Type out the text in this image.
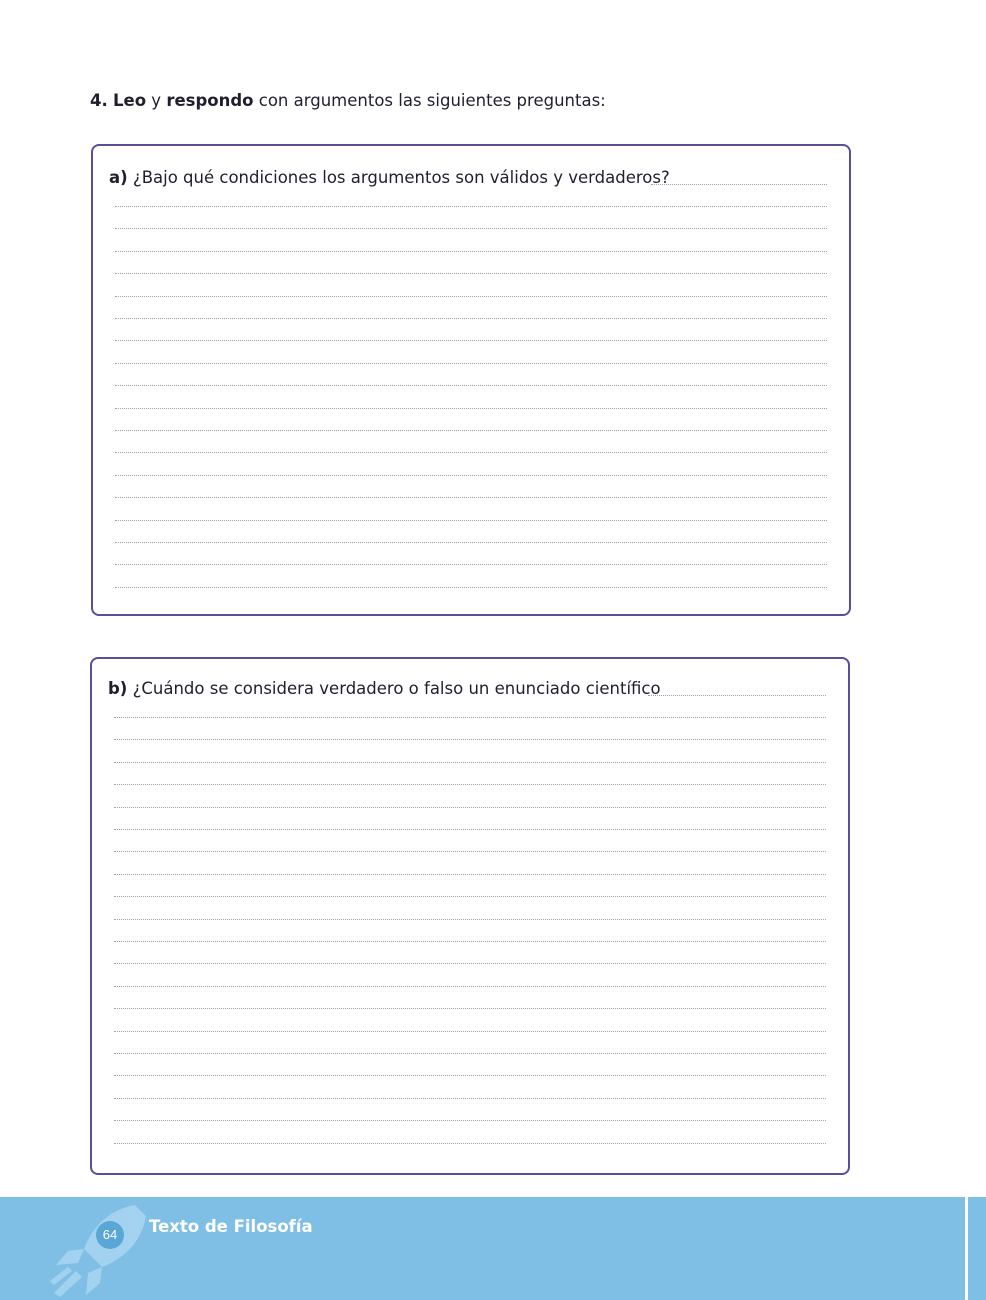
4. Leo y respondo con argumentos las siguientes preguntas:
a) ¿Bajo qué condiciones los argumentos son válidos y verdaderos?
b) ¿Cuándo se considera verdadero o falso un enunciado científico
64	Texto de Filosofía
